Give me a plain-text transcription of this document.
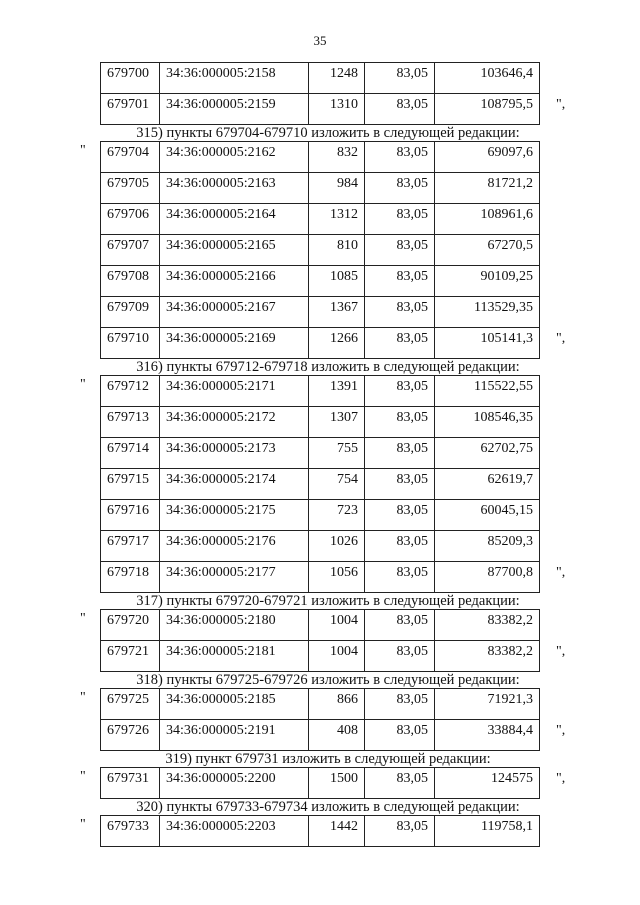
35
679700	34:36:000005:2158	1248	83,05	103646,4
679701	34:36:000005:2159	1310	83,05	108795,5 ",
315) пункты 679704-679710 изложить в следующей редакции:
" 679704	34:36:000005:2162	832	83,05	69097,6
679705	34:36:000005:2163	984	83,05	81721,2
679706	34:36:000005:2164	1312	83,05	108961,6
679707	34:36:000005:2165	810	83,05	67270,5
679708	34:36:000005:2166	1085	83,05	90109,25
679709	34:36:000005:2167	1367	83,05	113529,35
679710	34:36:000005:2169	1266	83,05	105141,3 ",
316) пункты 679712-679718 изложить в следующей редакции:
" 679712	34:36:000005:2171	1391	83,05	115522,55
679713	34:36:000005:2172	1307	83,05	108546,35
679714	34:36:000005:2173	755	83,05	62702,75
679715	34:36:000005:2174	754	83,05	62619,7
679716	34:36:000005:2175	723	83,05	60045,15
679717	34:36:000005:2176	1026	83,05	85209,3
679718	34:36:000005:2177	1056	83,05	87700,8 ",
317) пункты 679720-679721 изложить в следующей редакции:
" 679720	34:36:000005:2180	1004	83,05	83382,2
679721	34:36:000005:2181	1004	83,05	83382,2 ",
318) пункты 679725-679726 изложить в следующей редакции:
" 679725	34:36:000005:2185	866	83,05	71921,3
679726	34:36:000005:2191	408	83,05	33884,4 ",
319) пункт 679731 изложить в следующей редакции:
" 679731	34:36:000005:2200	1500	83,05	124575 ",
320) пункты 679733-679734 изложить в следующей редакции:
" 679733	34:36:000005:2203	1442	83,05	119758,1
